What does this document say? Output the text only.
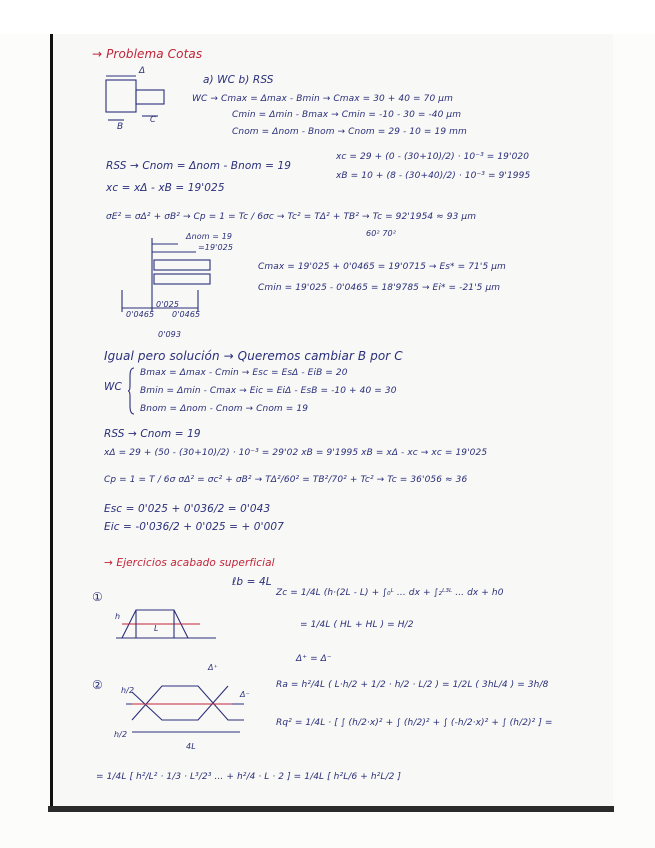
→ Problema Cotas
Δ
B
C
a) WC b) RSS
WC → Cmax = Δmax - Bmin → Cmax = 30 + 40 = 70 μm
Cmin = Δmin - Bmax → Cmin = -10 - 30 = -40 μm
Cnom = Δnom - Bnom → Cnom = 29 - 10 = 19 mm
RSS → Cnom = Δnom - Bnom = 19
xc = 29 + (0 - (30+10)/2) · 10⁻³ = 19'020
xB = 10 + (8 - (30+40)/2) · 10⁻³ = 9'1995
xc = xΔ - xB = 19'025
σE² = σΔ² + σB² → Cp = 1 = Tc / 6σc → Tc² = TΔ² + TB² → Tc = 92'1954 ≈ 93 μm
60² 70²
Δnom = 19
=19'025
0'025
0'0465 0'0465
0'093
Cmax = 19'025 + 0'0465 = 19'0715 → Es* = 71'5 μm
Cmin = 19'025 - 0'0465 = 18'9785 → Ei* = -21'5 μm
Igual pero solución → Queremos cambiar B por C
WC
Bmax = Δmax - Cmin → Esc = EsΔ - EiB = 20
Bmin = Δmin - Cmax → Eic = EiΔ - EsB = -10 + 40 = 30
Bnom = Δnom - Cnom → Cnom = 19
RSS → Cnom = 19
xΔ = 29 + (50 - (30+10)/2) · 10⁻³ = 29'02 xB = 9'1995 xB = xΔ - xc → xc = 19'025
Cp = 1 = T / 6σ σΔ² = σc² + σB² → TΔ²/60² = TB²/70² + Tc² → Tc = 36'056 ≈ 36
Esc = 0'025 + 0'036/2 = 0'043
Eic = -0'036/2 + 0'025 = + 0'007
→ Ejercicios acabado superficial
ℓb = 4L
①
h
L
Zc = 1/4L (h·(2L - L) + ∫₀ᴸ ... dx + ∫₂ᴸ³ᴸ ... dx + h0
= 1/4L ( HL + HL ) = H/2
Δ⁺ = Δ⁻
② h/2
h/2
4L
Δ⁺
Δ⁻
Ra = h²/4L ( L·h/2 + 1/2 · h/2 · L/2 ) = 1/2L ( 3hL/4 ) = 3h/8
Rq² = 1/4L · [ ∫ (h/2·x)² + ∫ (h/2)² + ∫ (-h/2·x)² + ∫ (h/2)² ] =
= 1/4L [ h²/L² · 1/3 · L³/2³ ... + h²/4 · L · 2 ] = 1/4L [ h²L/6 + h²L/2 ]
